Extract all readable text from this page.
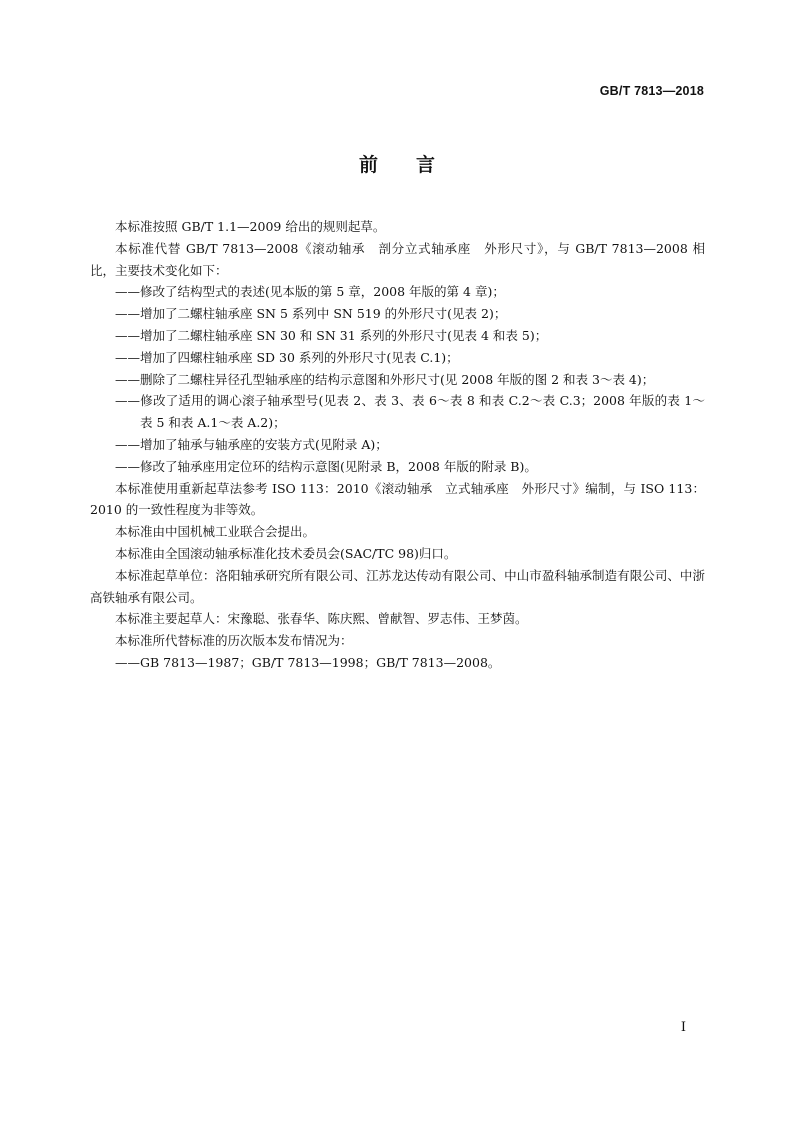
GB/T 7813—2018
前言

本标准按照 GB/T 1.1—2009 给出的规则起草。

本标准代替 GB/T 7813—2008《滚动轴承　剖分立式轴承座　外形尺寸》，与 GB/T 7813—2008 相比，主要技术变化如下：

——修改了结构型式的表述(见本版的第 5 章，2008 年版的第 4 章)；

——增加了二螺柱轴承座 SN 5 系列中 SN 519 的外形尺寸(见表 2)；

——增加了二螺柱轴承座 SN 30 和 SN 31 系列的外形尺寸(见表 4 和表 5)；

——增加了四螺柱轴承座 SD 30 系列的外形尺寸(见表 C.1)；

——删除了二螺柱异径孔型轴承座的结构示意图和外形尺寸(见 2008 年版的图 2 和表 3～表 4)；

——修改了适用的调心滚子轴承型号(见表 2、表 3、表 6～表 8 和表 C.2～表 C.3；2008 年版的表 1～表 5 和表 A.1～表 A.2)；

——增加了轴承与轴承座的安装方式(见附录 A)；

——修改了轴承座用定位环的结构示意图(见附录 B，2008 年版的附录 B)。

本标准使用重新起草法参考 ISO 113：2010《滚动轴承　立式轴承座　外形尺寸》编制，与 ISO 113：2010 的一致性程度为非等效。

本标准由中国机械工业联合会提出。

本标准由全国滚动轴承标准化技术委员会(SAC/TC 98)归口。

本标准起草单位：洛阳轴承研究所有限公司、江苏龙达传动有限公司、中山市盈科轴承制造有限公司、中浙高铁轴承有限公司。

本标准主要起草人：宋豫聪、张春华、陈庆熙、曾献智、罗志伟、王梦茵。

本标准所代替标准的历次版本发布情况为：

——GB 7813—1987；GB/T 7813—1998；GB/T 7813—2008。

I
